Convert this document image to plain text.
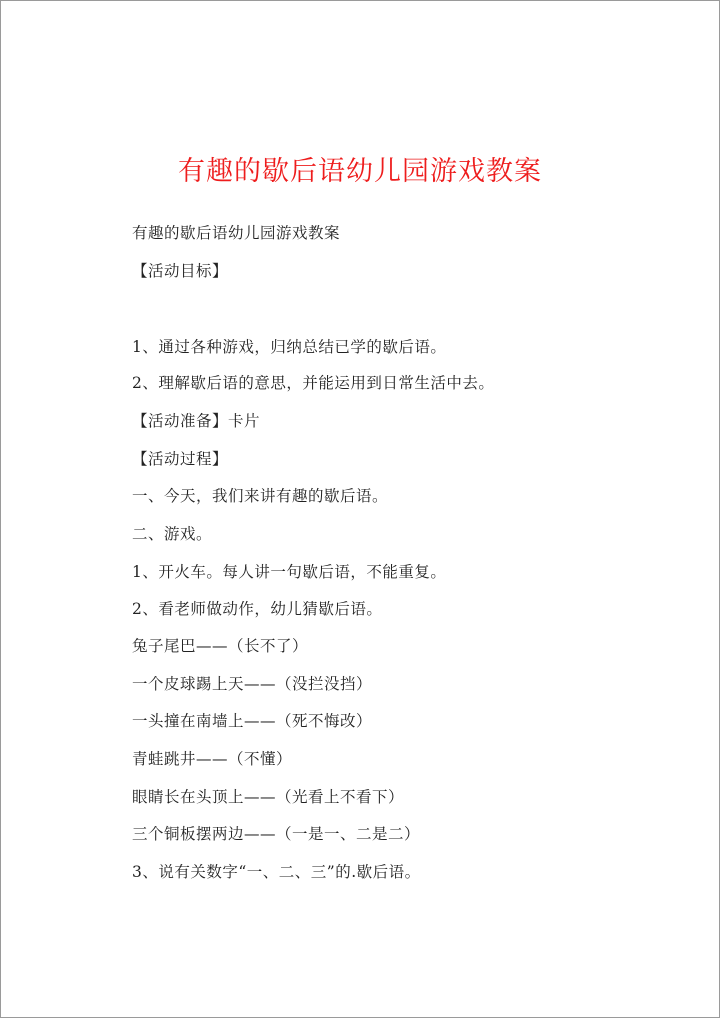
有趣的歇后语幼儿园游戏教案
有趣的歇后语幼儿园游戏教案
【活动目标】
1、通过各种游戏，归纳总结已学的歇后语。
2、理解歇后语的意思，并能运用到日常生活中去。
【活动准备】卡片
【活动过程】
一、今天，我们来讲有趣的歇后语。
二、游戏。
1、开火车。每人讲一句歇后语，不能重复。
2、看老师做动作，幼儿猜歇后语。
兔子尾巴——（长不了）
一个皮球踢上天——（没拦没挡）
一头撞在南墙上——（死不悔改）
青蛙跳井——（不懂）
眼睛长在头顶上——（光看上不看下）
三个铜板摆两边——（一是一、二是二）
3、说有关数字“一、二、三”的.歇后语。
